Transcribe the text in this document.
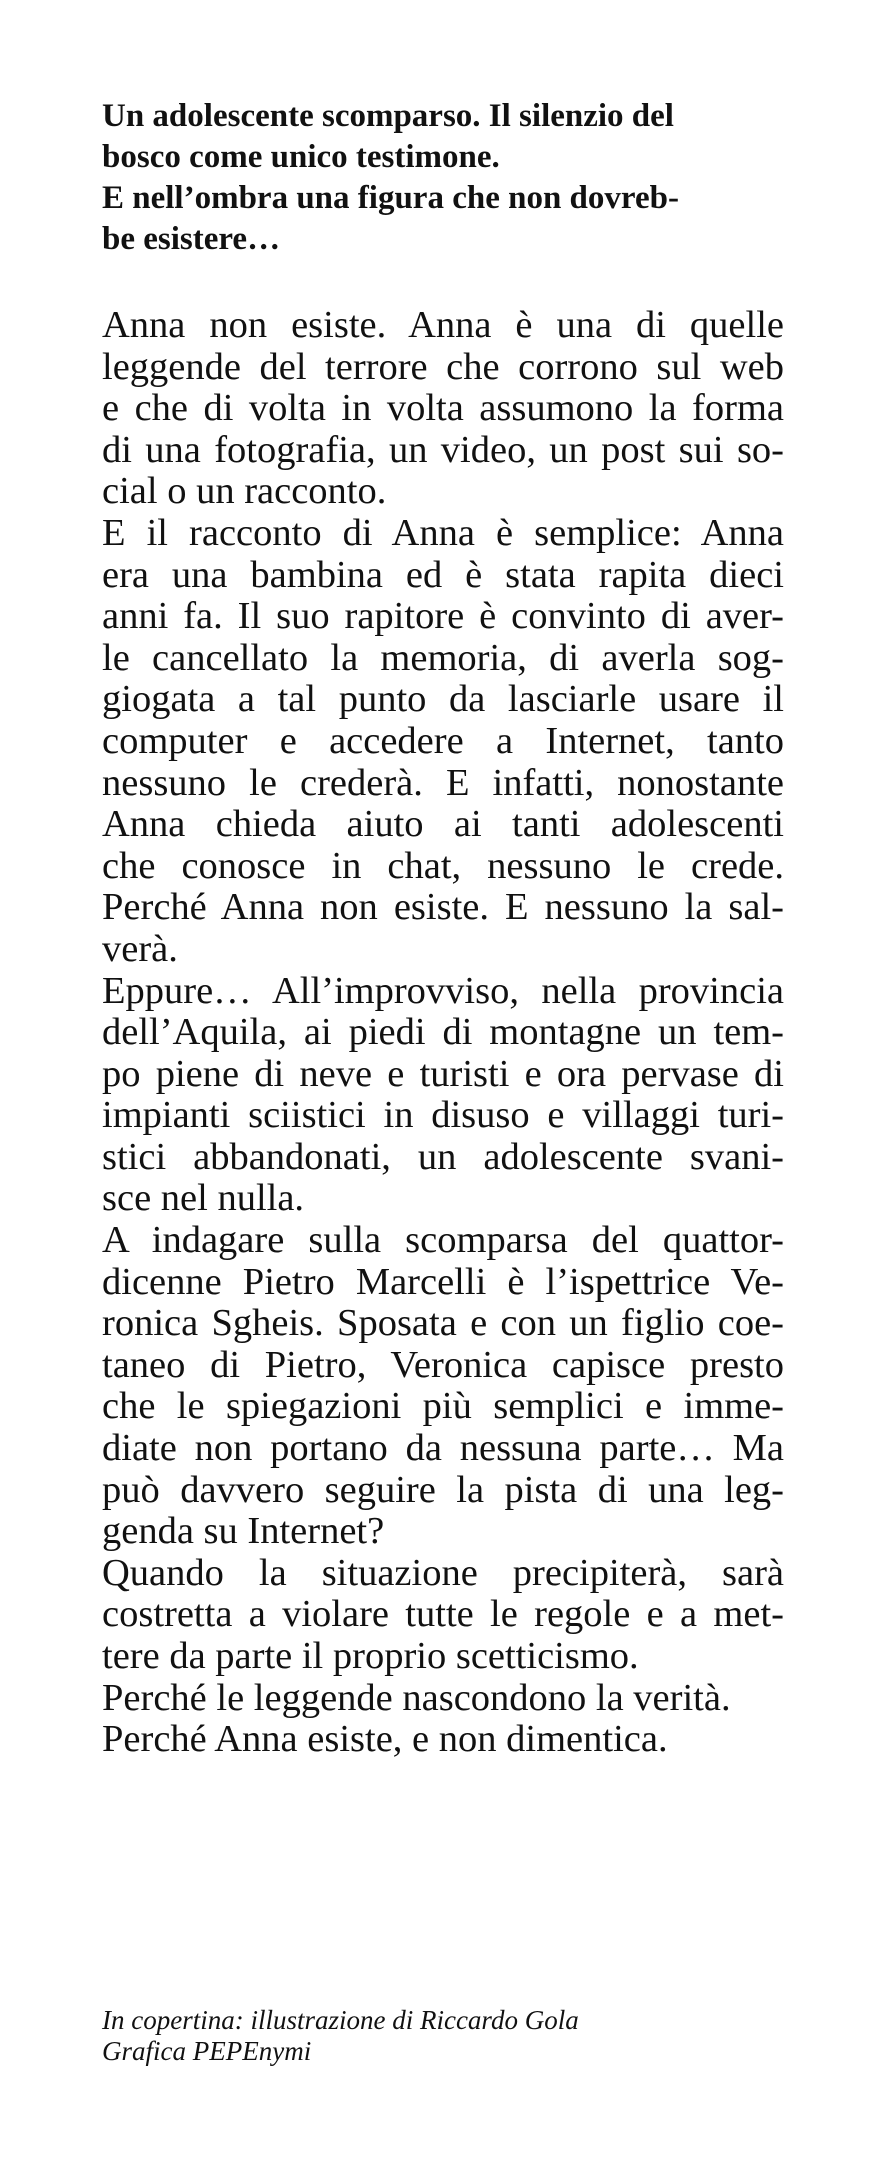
Un adolescente scomparso. Il silenzio del
bosco come unico testimone.
E nell’ombra una figura che non dovreb-
be esistere…
Anna non esiste. Anna è una di quelle
leggende del terrore che corrono sul web
e che di volta in volta assumono la forma
di una fotografia, un video, un post sui so-
cial o un racconto.
E il racconto di Anna è semplice: Anna
era una bambina ed è stata rapita dieci
anni fa. Il suo rapitore è convinto di aver-
le cancellato la memoria, di averla sog-
giogata a tal punto da lasciarle usare il
computer e accedere a Internet, tanto
nessuno le crederà. E infatti, nonostante
Anna chieda aiuto ai tanti adolescenti
che conosce in chat, nessuno le crede.
Perché Anna non esiste. E nessuno la sal-
verà.
Eppure… All’improvviso, nella provincia
dell’Aquila, ai piedi di montagne un tem-
po piene di neve e turisti e ora pervase di
impianti sciistici in disuso e villaggi turi-
stici abbandonati, un adolescente svani-
sce nel nulla.
A indagare sulla scomparsa del quattor-
dicenne Pietro Marcelli è l’ispettrice Ve-
ronica Sgheis. Sposata e con un figlio coe-
taneo di Pietro, Veronica capisce presto
che le spiegazioni più semplici e imme-
diate non portano da nessuna parte… Ma
può davvero seguire la pista di una leg-
genda su Internet?
Quando la situazione precipiterà, sarà
costretta a violare tutte le regole e a met-
tere da parte il proprio scetticismo.
Perché le leggende nascondono la verità.
Perché Anna esiste, e non dimentica.
In copertina: illustrazione di Riccardo Gola
Grafica PEPEnymi
